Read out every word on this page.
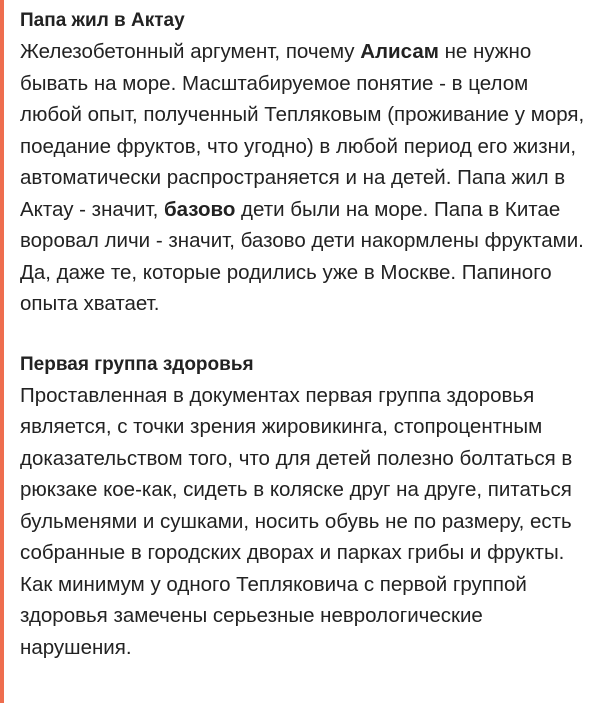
Папа жил в Актау

Железобетонный аргумент, почему Алисам не нужно бывать на море. Масштабируемое понятие - в целом любой опыт, полученный Тепляковым (проживание у моря, поедание фруктов, что угодно) в любой период его жизни, автоматически распространяется и на детей. Папа жил в Актау - значит, базово дети были на море. Папа в Китае воровал личи - значит, базово дети накормлены фруктами. Да, даже те, которые родились уже в Москве. Папиного опыта хватает.

Первая группа здоровья

Проставленная в документах первая группа здоровья является, с точки зрения жировикинга, стопроцентным доказательством того, что для детей полезно болтаться в рюкзаке кое-как, сидеть в коляске друг на друге, питаться бульменями и сушками, носить обувь не по размеру, есть собранные в городских дворах и парках грибы и фрукты. Как минимум у одного Тепляковича с первой группой здоровья замечены серьезные неврологические нарушения.
